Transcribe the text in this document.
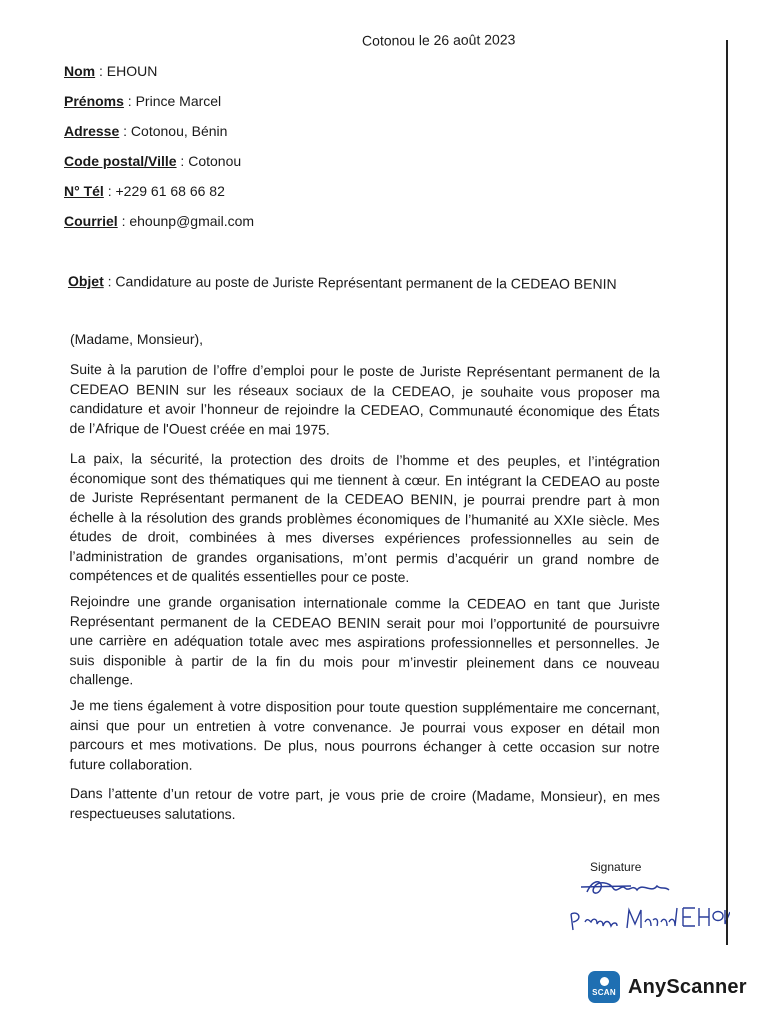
Cotonou le 26 août 2023
Nom : EHOUN
Prénoms : Prince Marcel
Adresse : Cotonou, Bénin
Code postal/Ville : Cotonou
N° Tél : +229 61 68 66 82
Courriel : ehounp@gmail.com
Objet : Candidature au poste de Juriste Représentant permanent de la CEDEAO BENIN
(Madame, Monsieur),

Suite à la parution de l’offre d’emploi pour le poste de Juriste Représentant permanent de la CEDEAO BENIN sur les réseaux sociaux de la CEDEAO, je souhaite vous proposer ma candidature et avoir l’honneur de rejoindre la CEDEAO, Communauté économique des États de l’Afrique de l'Ouest créée en mai 1975.

La paix, la sécurité, la protection des droits de l’homme et des peuples, et l’intégration économique sont des thématiques qui me tiennent à cœur. En intégrant la CEDEAO au poste de Juriste Représentant permanent de la CEDEAO BENIN, je pourrai prendre part à mon échelle à la résolution des grands problèmes économiques de l’humanité au XXIe siècle. Mes études de droit, combinées à mes diverses expériences professionnelles au sein de l’administration de grandes organisations, m’ont permis d’acquérir un grand nombre de compétences et de qualités essentielles pour ce poste.

Rejoindre une grande organisation internationale comme la CEDEAO en tant que Juriste Représentant permanent de la CEDEAO BENIN serait pour moi l’opportunité de poursuivre une carrière en adéquation totale avec mes aspirations professionnelles et personnelles. Je suis disponible à partir de la fin du mois pour m’investir pleinement dans ce nouveau challenge.

Je me tiens également à votre disposition pour toute question supplémentaire me concernant, ainsi que pour un entretien à votre convenance. Je pourrai vous exposer en détail mon parcours et mes motivations. De plus, nous pourrons échanger à cette occasion sur notre future collaboration.

Dans l’attente d’un retour de votre part, je vous prie de croire (Madame, Monsieur), en mes respectueuses salutations.

Signature
SCAN AnyScanner
